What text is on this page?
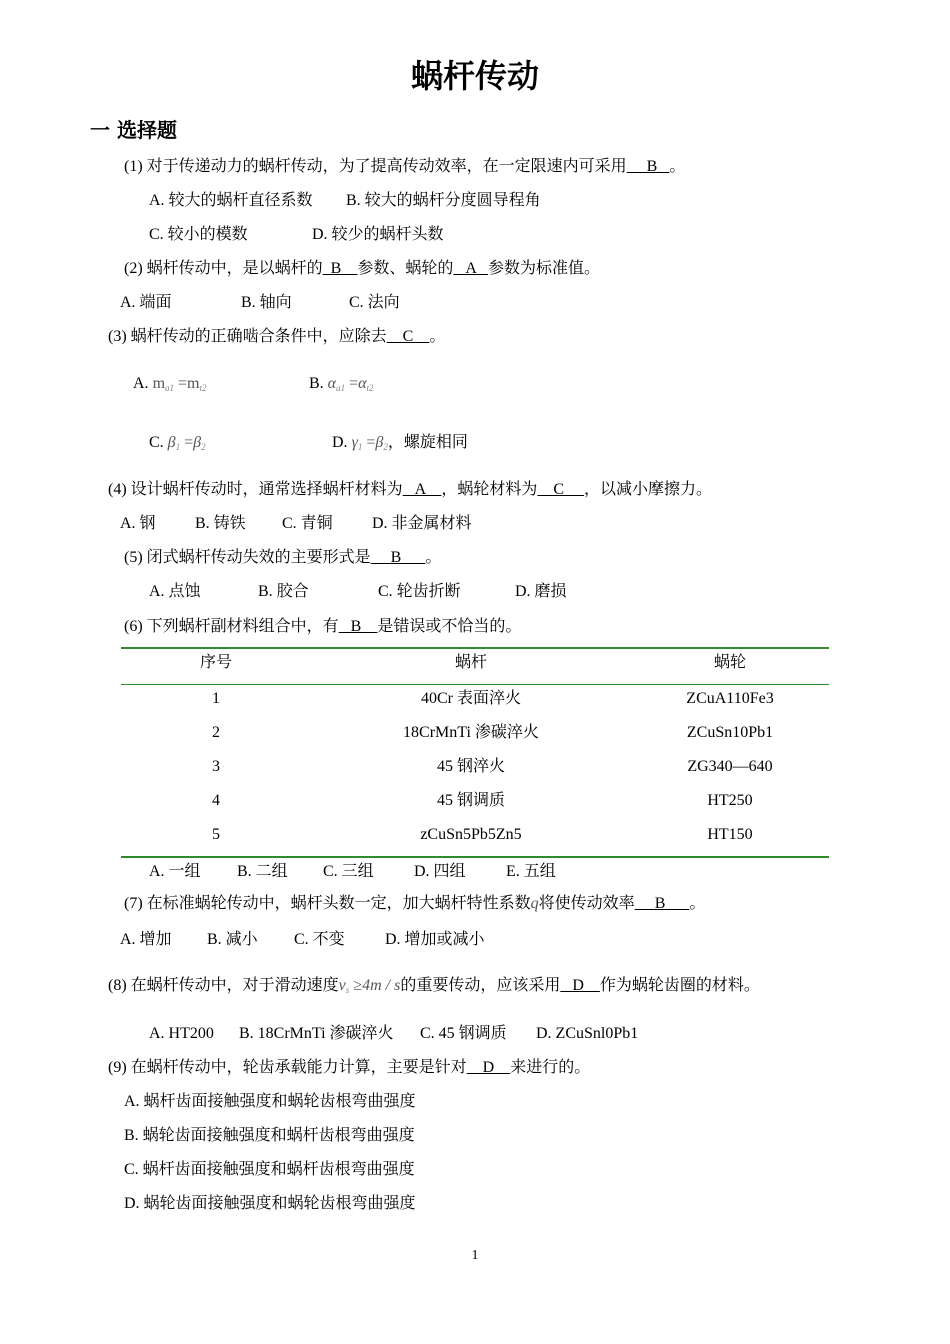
蜗杆传动
一 选择题
(1) 对于传递动力的蜗杆传动，为了提高传动效率，在一定限速内可采用     B   。
A. 较大的蜗杆直径系数 B. 较大的蜗杆分度圆导程角
C. 较小的模数	D. 较少的蜗杆头数
(2) 蜗杆传动中，是以蜗杆的  B    参数、蜗轮的   A   参数为标准值。
A. 端面	B. 轴向	C. 法向
(3) 蜗杆传动的正确啮合条件中，应除去    C    。
A. $m_{a1} =m_{t2}$	B. $\alpha_{a1} =\alpha_{t2}$
C. $\beta_1 =\beta_2$	D. $\gamma_1 =\beta_2$，螺旋相同
(4) 设计蜗杆传动时，通常选择蜗杆材料为   A    ，蜗轮材料为    C     ，以减小摩擦力。
A. 钢 B. 铸铁 C. 青铜 D. 非金属材料
(5) 闭式蜗杆传动失效的主要形式是     B      。
A. 点蚀	B. 胶合	C. 轮齿折断	D. 磨损
(6) 下列蜗杆副材料组合中，有   B    是错误或不恰当的。
序号	蜗杆	蜗轮
1	40Cr 表面淬火	ZCuA110Fe3
2	18CrMnTi 渗碳淬火	ZCuSn10Pb1
3	45 钢淬火	ZG340—640
4	45 钢调质	HT250
5	zCuSn5Pb5Zn5	HT150
A. 一组 B. 二组 C. 三组	D. 四组	E. 五组
(7) 在标准蜗轮传动中，蜗杆头数一定，加大蜗杆特性系数q将使传动效率     B      。
A. 增加 B. 减小 C. 不变	D. 增加或减小
(8) 在蜗杆传动中，对于滑动速度$v_s \ge 4m / s$的重要传动，应该采用   D    作为蜗轮齿圈的材料。
A. HT200 B. 18CrMnTi 渗碳淬火 C. 45 钢调质 D. ZCuSnl0Pb1
(9) 在蜗杆传动中，轮齿承载能力计算，主要是针对    D    来进行的。
A. 蜗杆齿面接触强度和蜗轮齿根弯曲强度
B. 蜗轮齿面接触强度和蜗杆齿根弯曲强度
C. 蜗杆齿面接触强度和蜗杆齿根弯曲强度
D. 蜗轮齿面接触强度和蜗轮齿根弯曲强度
1
